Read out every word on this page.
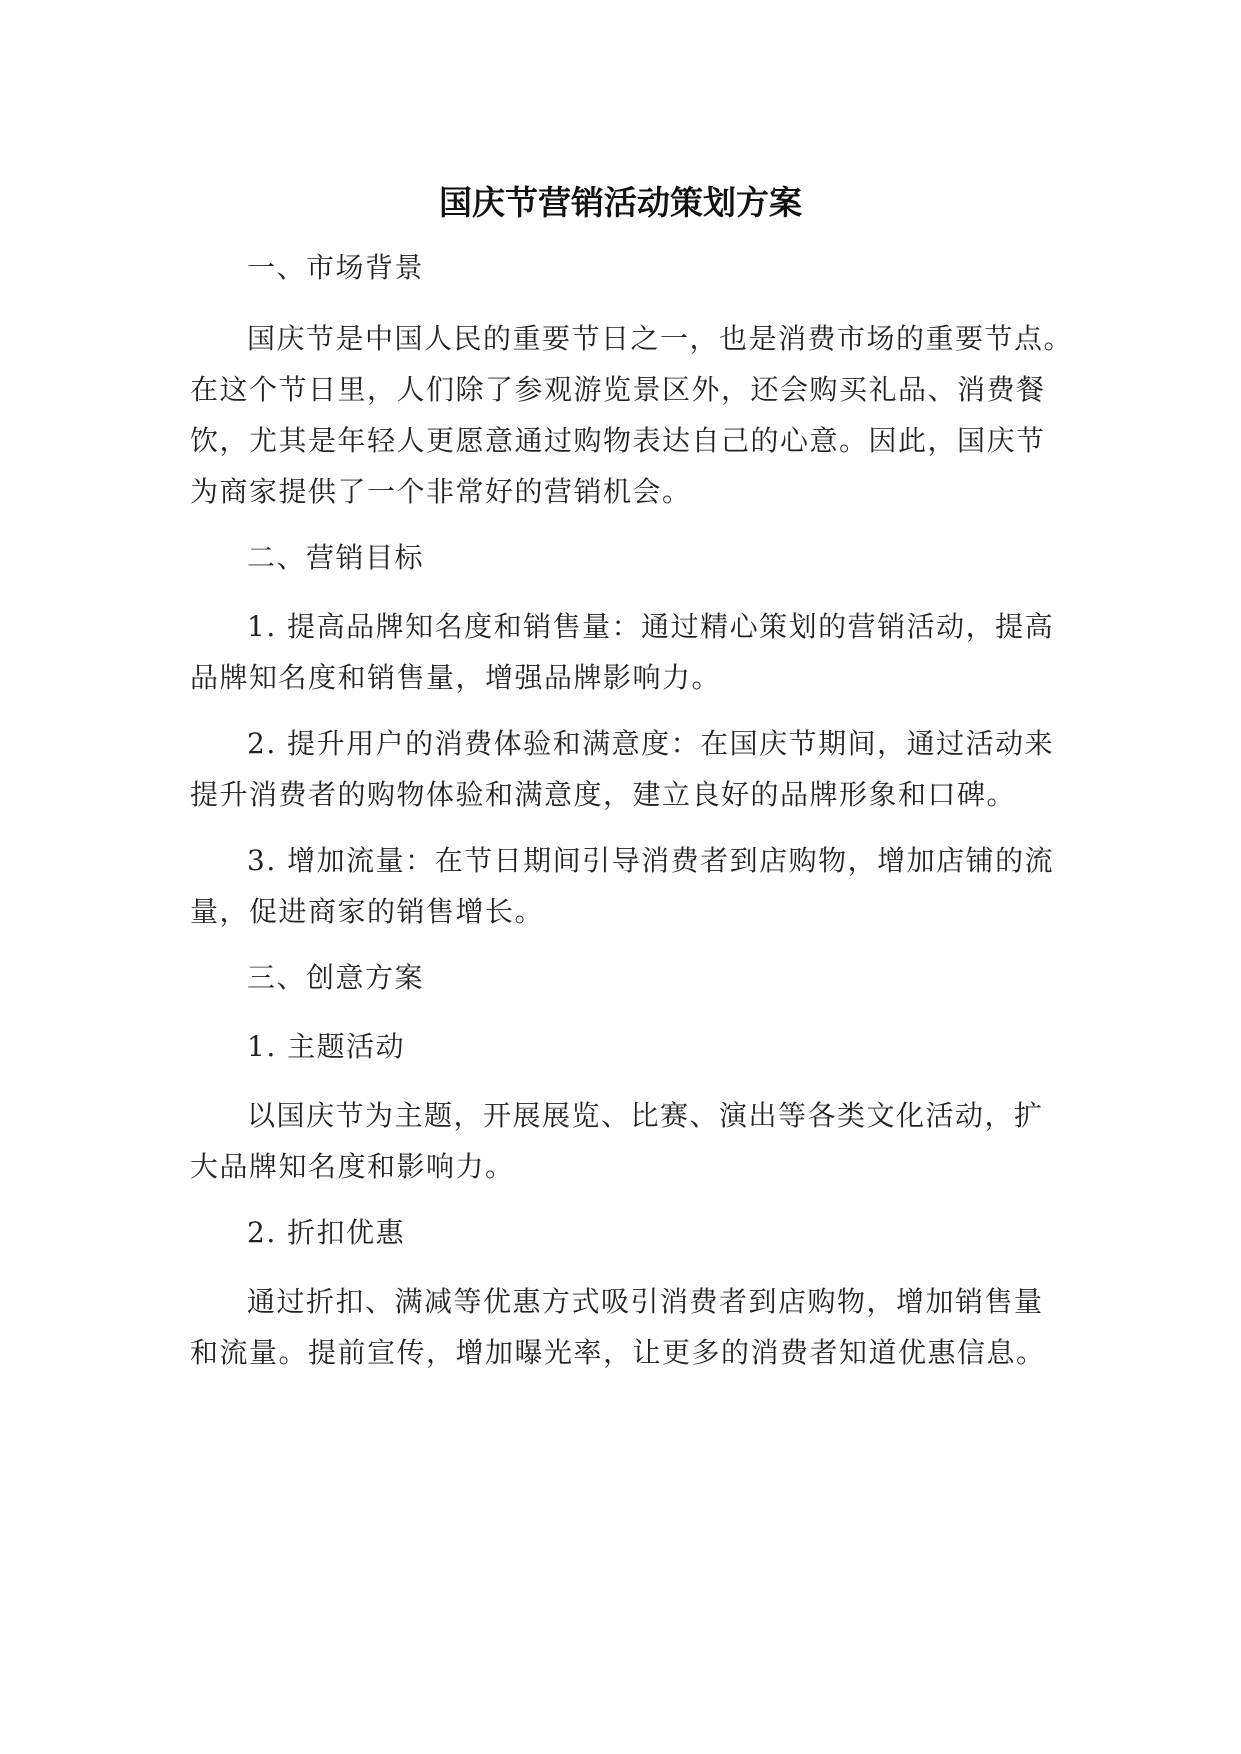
国庆节营销活动策划方案
一、市场背景
国庆节是中国人民的重要节日之一，也是消费市场的重要节点。
在这个节日里，人们除了参观游览景区外，还会购买礼品、消费餐
饮，尤其是年轻人更愿意通过购物表达自己的心意。因此，国庆节
为商家提供了一个非常好的营销机会。
二、营销目标
1. 提高品牌知名度和销售量：通过精心策划的营销活动，提高
品牌知名度和销售量，增强品牌影响力。
2. 提升用户的消费体验和满意度：在国庆节期间，通过活动来
提升消费者的购物体验和满意度，建立良好的品牌形象和口碑。
3. 增加流量：在节日期间引导消费者到店购物，增加店铺的流
量，促进商家的销售增长。
三、创意方案
1. 主题活动
以国庆节为主题，开展展览、比赛、演出等各类文化活动，扩
大品牌知名度和影响力。
2. 折扣优惠
通过折扣、满减等优惠方式吸引消费者到店购物，增加销售量
和流量。提前宣传，增加曝光率，让更多的消费者知道优惠信息。
